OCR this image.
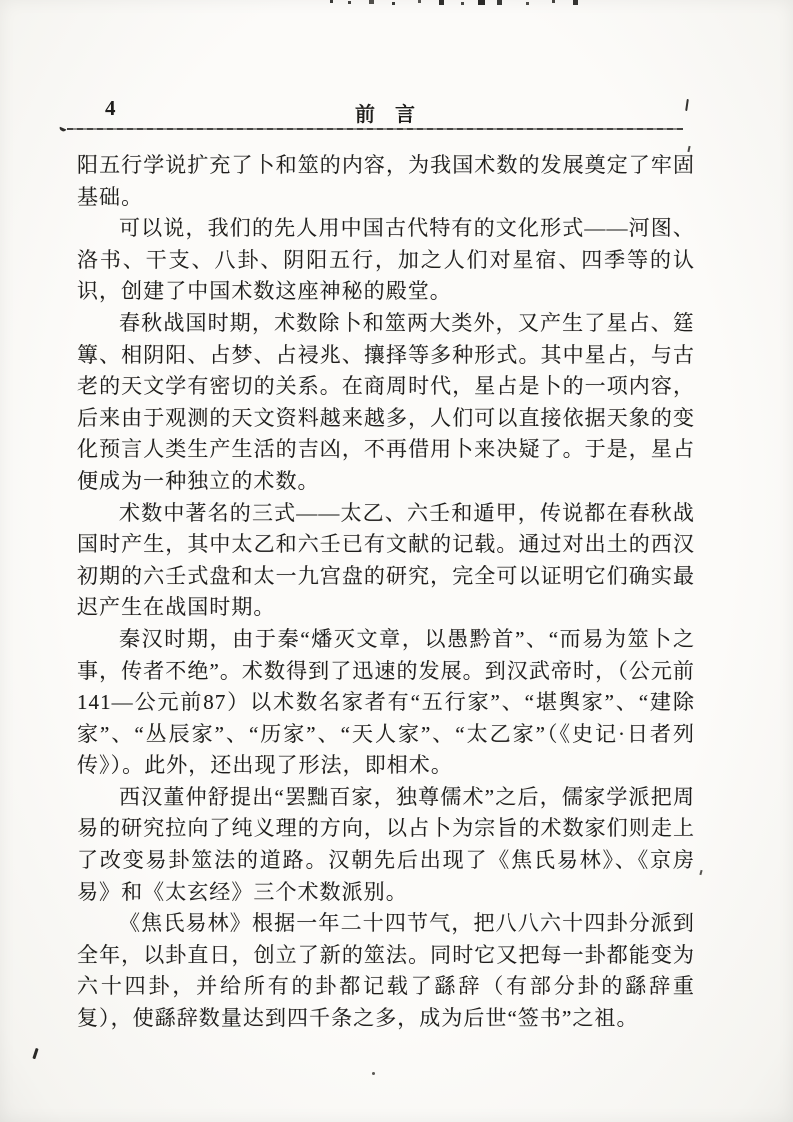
4	前　言

阳五行学说扩充了卜和筮的内容，为我国术数的发展奠定了牢固基础。

可以说，我们的先人用中国古代特有的文化形式——河图、洛书、干支、八卦、阴阳五行，加之人们对星宿、四季等的认识，创建了中国术数这座神秘的殿堂。

春秋战国时期，术数除卜和筮两大类外，又产生了星占、筳篿、相阴阳、占梦、占祲兆、攘择等多种形式。其中星占，与古老的天文学有密切的关系。在商周时代，星占是卜的一项内容，后来由于观测的天文资料越来越多，人们可以直接依据天象的变化预言人类生产生活的吉凶，不再借用卜来决疑了。于是，星占便成为一种独立的术数。

术数中著名的三式——太乙、六壬和遁甲，传说都在春秋战国时产生，其中太乙和六壬已有文献的记载。通过对出土的西汉初期的六壬式盘和太一九宫盘的研究，完全可以证明它们确实最迟产生在战国时期。

秦汉时期，由于秦“燔灭文章，以愚黔首”、“而易为筮卜之事，传者不绝”。术数得到了迅速的发展。到汉武帝时，（公元前141—公元前87）以术数名家者有“五行家”、“堪舆家”、“建除家”、“丛辰家”、“历家”、“天人家”、“太乙家”（《史记·日者列传》）。此外，还出现了形法，即相术。

西汉董仲舒提出“罢黜百家，独尊儒术”之后，儒家学派把周易的研究拉向了纯义理的方向，以占卜为宗旨的术数家们则走上了改变易卦筮法的道路。汉朝先后出现了《焦氏易林》、《京房易》和《太玄经》三个术数派别。

《焦氏易林》根据一年二十四节气，把八八六十四卦分派到全年，以卦直日，创立了新的筮法。同时它又把每一卦都能变为六十四卦，并给所有的卦都记载了繇辞（有部分卦的繇辞重复），使繇辞数量达到四千条之多，成为后世“签书”之祖。
